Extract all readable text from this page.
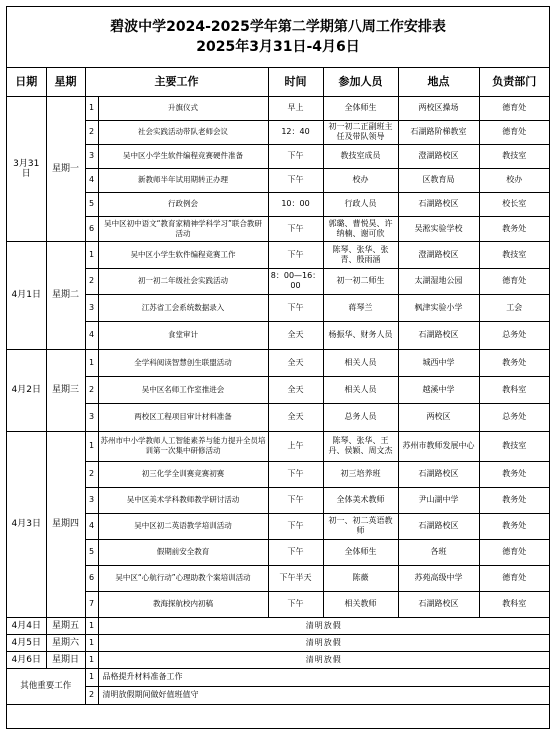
碧波中学2024-2025学年第二学期第八周工作安排表
2025年3月31日-4月6日
日期	星期	主要工作		时间	参加人员	地点	负责部门
3月31日	星期一	1	升旗仪式	早上	全体师生	两校区操场	德育处
		2	社会实践活动带队老师会议	12：40	初一初二正副班主任及带队领导	石湖路阶梯教室	德育处
		3	吴中区小学生软件编程竞赛硬件准备	下午	教技室成员	澄湖路校区	教技室
		4	新教师半年试用期转正办理	下午	校办	区教育局	校办
		5	行政例会	10：00	行政人员	石湖路校区	校长室
		6	吴中区初中语文“教育家精神学科学习”联合教研活动	下午	郭璐、曹悦昊、许纳楠、谢可欣	吴淞实验学校	教务处
4月1日	星期二	1	吴中区小学生软件编程竞赛工作	下午	陈琴、张华、张青、殷雨涵	澄湖路校区	教技室
		2	初一初二年级社会实践活动	8：00—16：00	初一初二师生	太湖湿地公园	德育处
		3	江苏省工会系统数据录入	下午	蒋琴兰	枫津实验小学	工会
		4	食堂审计	全天	杨振华、财务人员	石湖路校区	总务处
4月2日	星期三	1	全学科阅读智慧创生联盟活动	全天	相关人员	城西中学	教务处
		2	吴中区名师工作室推进会	全天	相关人员	越溪中学	教科室
		3	两校区工程项目审计材料准备	全天	总务人员	两校区	总务处
4月3日	星期四	1	苏州市中小学教师人工智能素养与能力提升全员培训第一次集中研修活动	上午	陈琴、张华、王丹、侯颖、周文杰	苏州市教师发展中心	教技室
		2	初三化学全训赛竞赛初赛	下午	初三培养班	石湖路校区	教务处
		3	吴中区美术学科教师教学研讨活动	下午	全体美术教师	尹山湖中学	教务处
		4	吴中区初二英语教学培训活动	下午	初一、初二英语教师	石湖路校区	教务处
		5	假期前安全教育	下午	全体师生	各班	德育处
		6	吴中区“心航行动”心理助教个案培训活动	下午半天	陈薇	苏苑高级中学	德育处
		7	教海探航校内初稿	下午	相关教师	石湖路校区	教科室
4月4日	星期五	1	清明放假				
4月5日	星期六	1	清明放假				
4月6日	星期日	1	清明放假				
其他重要工作		1	品格提升材料准备工作				
		2	清明放假期间做好值班值守				
